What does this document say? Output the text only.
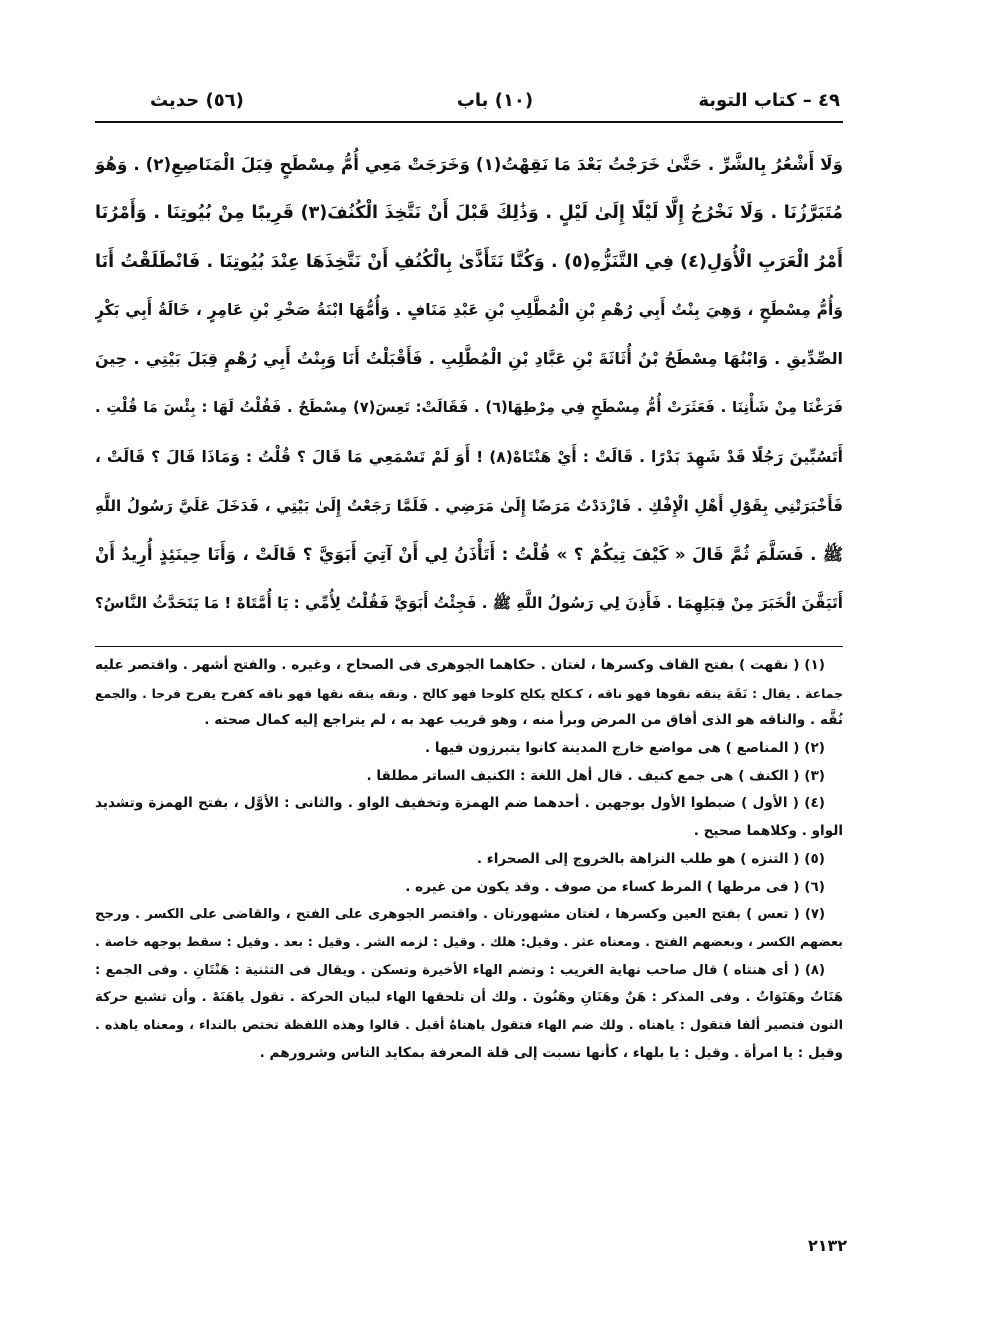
٤٩ – كتاب التوبة
(١٠) باب
(٥٦) حديث
وَلَا أَشْعُرُ بِالشَّرِّ . حَتَّىٰ خَرَجْتُ بَعْدَ مَا نَقِهْتُ(١) وَخَرَجَتْ مَعِي أُمُّ مِسْطَحٍ قِبَلَ الْمَنَاصِعِ(٢) . وَهُوَ
مُتَبَرَّزُنَا . وَلَا نَخْرُجُ إِلَّا لَيْلًا إِلَىٰ لَيْلٍ . وَذَٰلِكَ قَبْلَ أَنْ نَتَّخِذَ الْكُنُفَ(٣) قَرِيبًا مِنْ بُيُوتِنَا . وَأَمْرُنَا
أَمْرُ الْعَرَبِ الْأُوَلِ(٤) فِي التَّنَزُّهِ(٥) . وَكُنَّا نَتَأَذَّىٰ بِالْكُنُفِ أَنْ نَتَّخِذَهَا عِنْدَ بُيُوتِنَا . فَانْطَلَقْتُ أَنَا
وَأُمُّ مِسْطَحٍ ، وَهِيَ بِنْتُ أَبِي رُهْمِ بْنِ الْمُطَّلِبِ بْنِ عَبْدِ مَنَافٍ . وَأُمُّهَا ابْنَةُ صَخْرِ بْنِ عَامِرٍ ، خَالَةُ أَبِي بَكْرٍ
الصِّدِّيقِ . وَابْنُهَا مِسْطَحُ بْنُ أُثَاثَةَ بْنِ عَبَّادِ بْنِ الْمُطَّلِبِ . فَأَقْبَلْتُ أَنَا وَبِنْتُ أَبِي رُهْمٍ قِبَلَ بَيْتِي . حِينَ
فَرَغْنَا مِنْ شَأْنِنَا . فَعَثَرَتْ أُمُّ مِسْطَحٍ فِي مِرْطِهَا(٦) . فَقَالَتْ: تَعِسَ(٧) مِسْطَحٌ . فَقُلْتُ لَهَا : بِئْسَ مَا قُلْتِ .
أَتَسُبِّينَ رَجُلًا قَدْ شَهِدَ بَدْرًا . قَالَتْ : أَيْ هَنْتَاهْ(٨) ! أَوَ لَمْ تَسْمَعِي مَا قَالَ ؟ قُلْتُ : وَمَاذَا قَالَ ؟ قَالَتْ ،
فَأَخْبَرَتْنِي بِقَوْلِ أَهْلِ الْإِفْكِ . فَازْدَدْتُ مَرَضًا إِلَىٰ مَرَضِي . فَلَمَّا رَجَعْتُ إِلَىٰ بَيْتِي ، فَدَخَلَ عَلَيَّ رَسُولُ اللَّهِ
ﷺ . فَسَلَّمَ ثُمَّ قَالَ « كَيْفَ تِيكُمْ ؟ » قُلْتُ : أَتَأْذَنُ لِي أَنْ آتِيَ أَبَوَيَّ ؟ قَالَتْ ، وَأَنَا حِينَئِذٍ أُرِيدُ أَنْ
أَتَيَقَّنَ الْخَبَرَ مِنْ قِبَلِهِمَا . فَأَذِنَ لِي رَسُولُ اللَّهِ ﷺ . فَجِئْتُ أَبَوَيَّ فَقُلْتُ لِأُمِّي : يَا أُمَّتَاهْ ! مَا يَتَحَدَّثُ النَّاسُ؟
(١) ( نقهت ) بفتح القاف وكسرها ، لغتان . حكاهما الجوهرى فى الصحاح ، وغيره . والفتح أشهر . واقتصر عليه
جماعة . يقال : نَقَهَ ينقه نقوها فهو ناقه ، كـكلح يكلح كلوحا فهو كالح . ونقه ينقه نقها فهو ناقه كفرح يفرح فرحا . والجمع
نُقَّه . والناقه هو الذى أفاق من المرض وبرأ منه ، وهو قريب عهد به ، لم يتراجع إليه كمال صحته .
(٢) ( المناصع ) هى مواضع خارج المدينة كانوا يتبرزون فيها .
(٣) ( الكنف ) هى جمع كنيف . قال أهل اللغة : الكنيف الساتر مطلقا .
(٤) ( الأول ) ضبطوا الأول بوجهين . أحدهما ضم الهمزة وتخفيف الواو . والثانى : الأوَّل ، بفتح الهمزة وتشديد
الواو . وكلاهما صحيح .
(٥) ( التنزه ) هو طلب النزاهة بالخروج إلى الصحراء .
(٦) ( فى مرطها ) المرط كساء من صوف . وقد يكون من غيره .
(٧) ( تعس ) بفتح العين وكسرها ، لغتان مشهورتان . واقتصر الجوهرى على الفتح ، والقاضى على الكسر . ورجح
بعضهم الكسر ، وبعضهم الفتح . ومعناه عثر . وقيل: هلك . وقيل : لزمه الشر . وقيل : بعد . وقيل : سقط بوجهه خاصة .
(٨) ( أى هنتاه ) قال صاحب نهاية الغريب : وتضم الهاء الأخيرة وتسكن . ويقال فى التثنية : هَنْتَانِ . وفى الجمع :
هَنَاتٌ وهَنَوَاتٌ . وفى المذكر : هَنٌ وهَنَانِ وهَنُونَ . ولك أن تلحقها الهاء لبيان الحركة . تقول ياهَنَهْ . وأن تشبع حركة
النون فتصير ألفا فتقول : ياهناه . ولك ضم الهاء فتقول ياهناهُ أقبل . قالوا وهذه اللفظة تختص بالنداء ، ومعناه ياهذه .
وقيل : يا امرأة . وقيل : يا بلهاء ، كأنها نسبت إلى قلة المعرفة بمكايد الناس وشرورهم .
٢١٣٢
